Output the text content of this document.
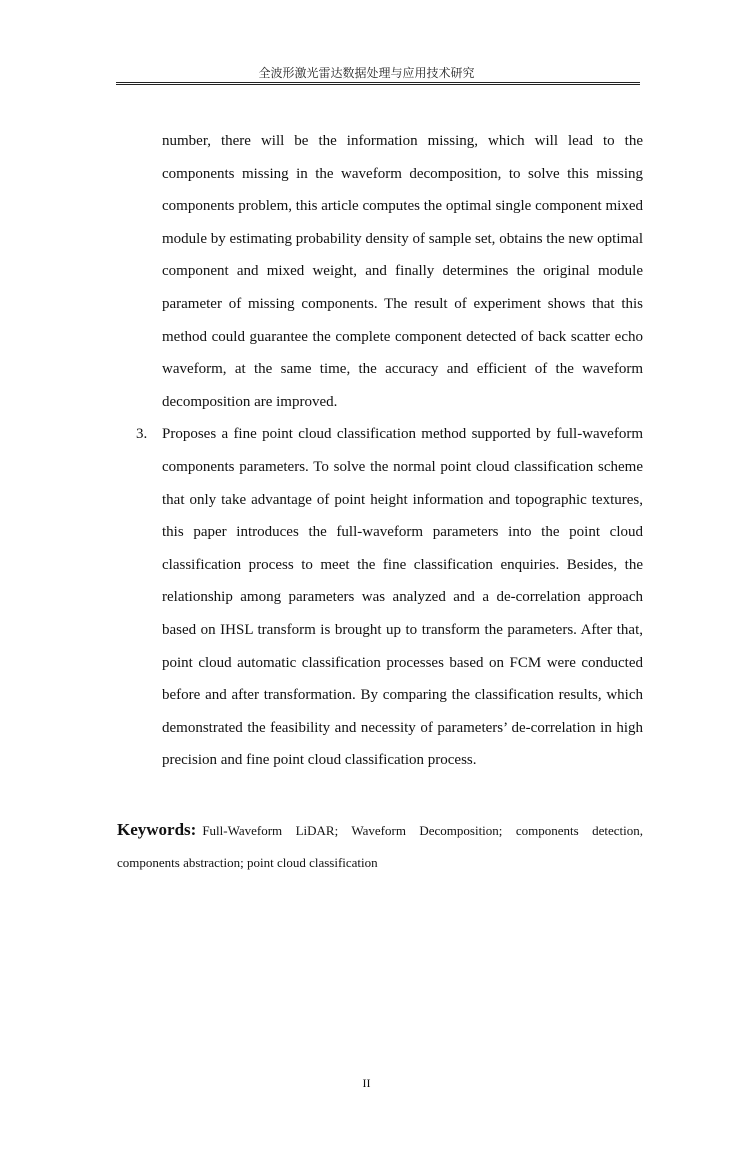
全波形激光雷达数据处理与应用技术研究

number, there will be the information missing, which will lead to the components missing in the waveform decomposition, to solve this missing components problem, this article computes the optimal single component mixed module by estimating probability density of sample set, obtains the new optimal component and mixed weight, and finally determines the original module parameter of missing components. The result of experiment shows that this method could guarantee the complete component detected of back scatter echo waveform, at the same time, the accuracy and efficient of the waveform decomposition are improved.

3. Proposes a fine point cloud classification method supported by full-waveform components parameters. To solve the normal point cloud classification scheme that only take advantage of point height information and topographic textures, this paper introduces the full-waveform parameters into the point cloud classification process to meet the fine classification enquiries. Besides, the relationship among parameters was analyzed and a de-correlation approach based on IHSL transform is brought up to transform the parameters. After that, point cloud automatic classification processes based on FCM were conducted before and after transformation. By comparing the classification results, which demonstrated the feasibility and necessity of parameters’ de-correlation in high precision and fine point cloud classification process.

Keywords: Full-Waveform LiDAR; Waveform Decomposition; components detection, components abstraction; point cloud classification
II
